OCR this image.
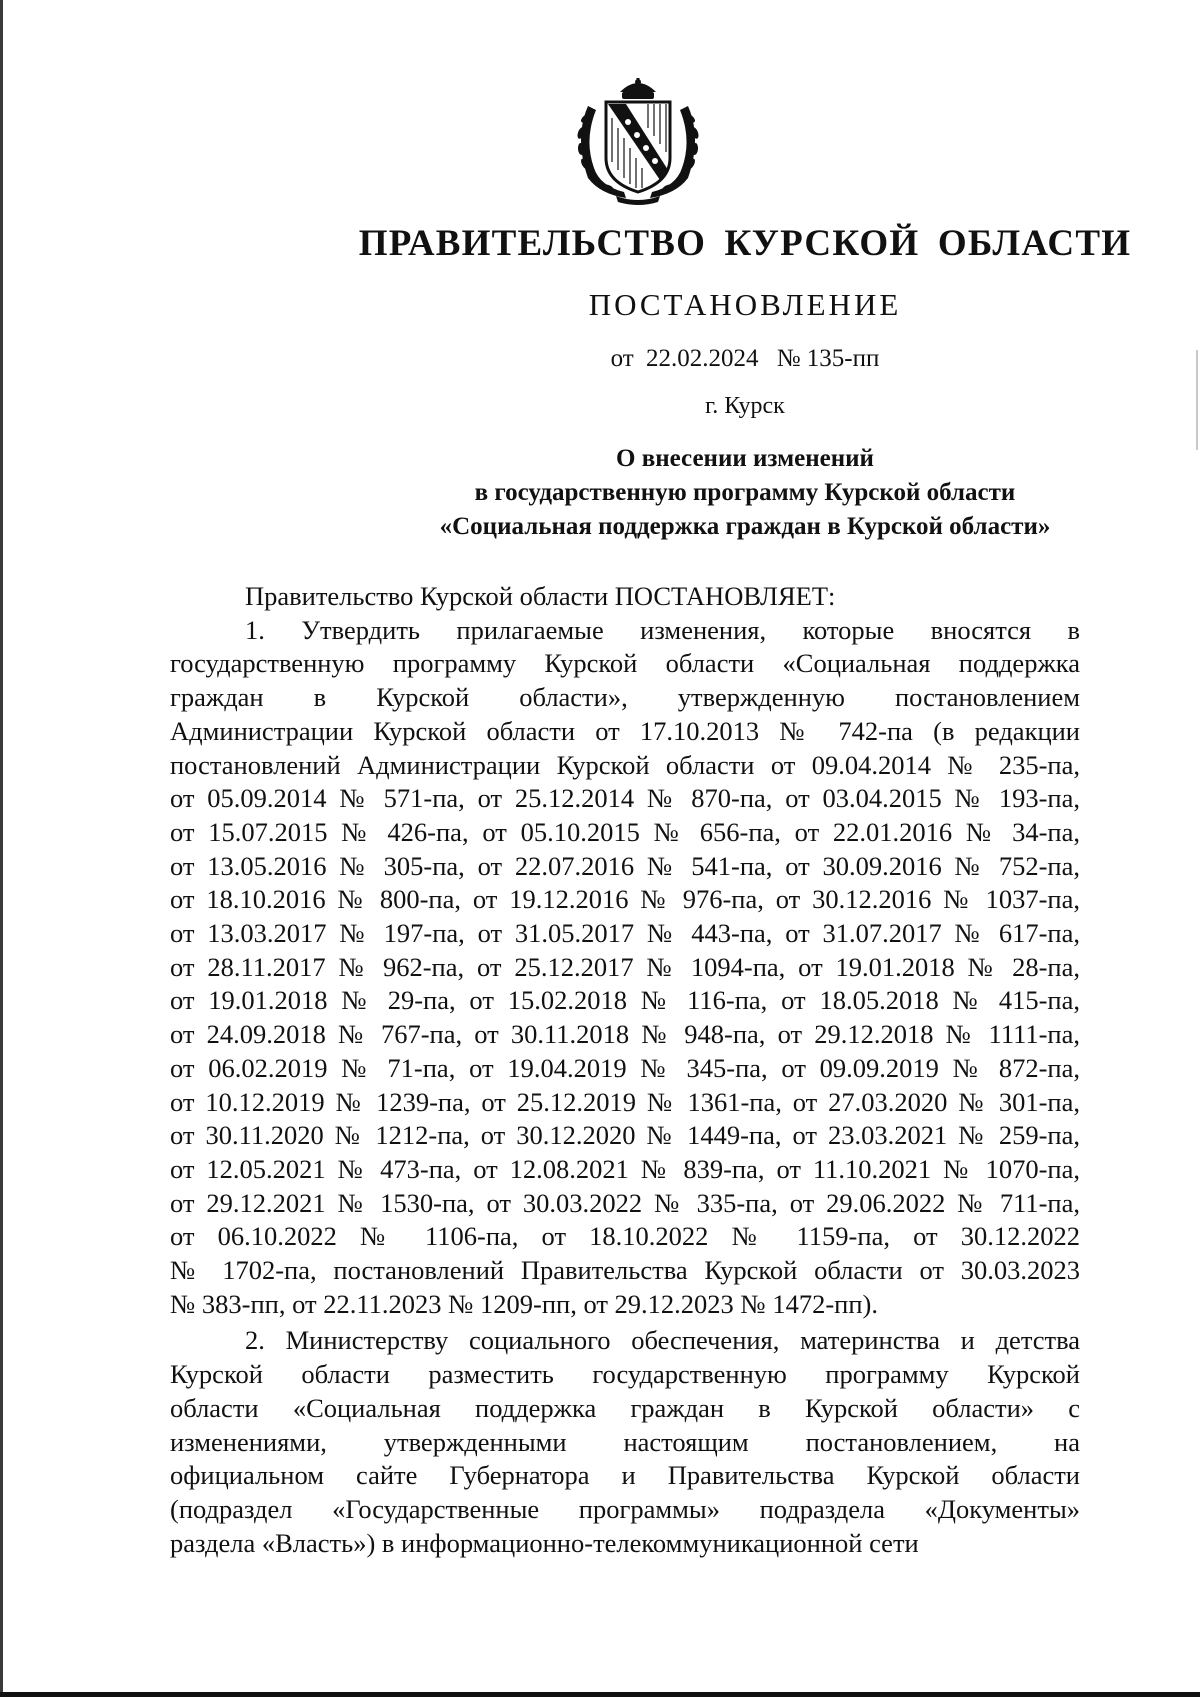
ПРАВИТЕЛЬСТВО КУРСКОЙ ОБЛАСТИ
ПОСТАНОВЛЕНИЕ
от 22.02.2024 № 135-пп
г. Курск
О внесении изменений
в государственную программу Курской области
«Социальная поддержка граждан в Курской области»
Правительство Курской области ПОСТАНОВЛЯЕТ:
1. Утвердить прилагаемые изменения, которые вносятся в
государственную программу Курской области «Социальная поддержка
граждан в Курской области», утвержденную постановлением
Администрации Курской области от 17.10.2013 № 742-па (в редакции
постановлений Администрации Курской области от 09.04.2014 № 235-па,
от 05.09.2014 № 571-па, от 25.12.2014 № 870-па, от 03.04.2015 № 193-па,
от 15.07.2015 № 426-па, от 05.10.2015 № 656-па, от 22.01.2016 № 34-па,
от 13.05.2016 № 305-па, от 22.07.2016 № 541-па, от 30.09.2016 № 752-па,
от 18.10.2016 № 800-па, от 19.12.2016 № 976-па, от 30.12.2016 № 1037-па,
от 13.03.2017 № 197-па, от 31.05.2017 № 443-па, от 31.07.2017 № 617-па,
от 28.11.2017 № 962-па, от 25.12.2017 № 1094-па, от 19.01.2018 № 28-па,
от 19.01.2018 № 29-па, от 15.02.2018 № 116-па, от 18.05.2018 № 415-па,
от 24.09.2018 № 767-па, от 30.11.2018 № 948-па, от 29.12.2018 № 1111-па,
от 06.02.2019 № 71-па, от 19.04.2019 № 345-па, от 09.09.2019 № 872-па,
от 10.12.2019 № 1239-па, от 25.12.2019 № 1361-па, от 27.03.2020 № 301-па,
от 30.11.2020 № 1212-па, от 30.12.2020 № 1449-па, от 23.03.2021 № 259-па,
от 12.05.2021 № 473-па, от 12.08.2021 № 839-па, от 11.10.2021 № 1070-па,
от 29.12.2021 № 1530-па, от 30.03.2022 № 335-па, от 29.06.2022 № 711-па,
от 06.10.2022 № 1106-па, от 18.10.2022 № 1159-па, от 30.12.2022
№ 1702-па, постановлений Правительства Курской области от 30.03.2023
№ 383-пп, от 22.11.2023 № 1209-пп, от 29.12.2023 № 1472-пп).
2. Министерству социального обеспечения, материнства и детства
Курской области разместить государственную программу Курской
области «Социальная поддержка граждан в Курской области» с
изменениями, утвержденными настоящим постановлением, на
официальном сайте Губернатора и Правительства Курской области
(подраздел «Государственные программы» подраздела «Документы»
раздела «Власть») в информационно-телекоммуникационной сети
